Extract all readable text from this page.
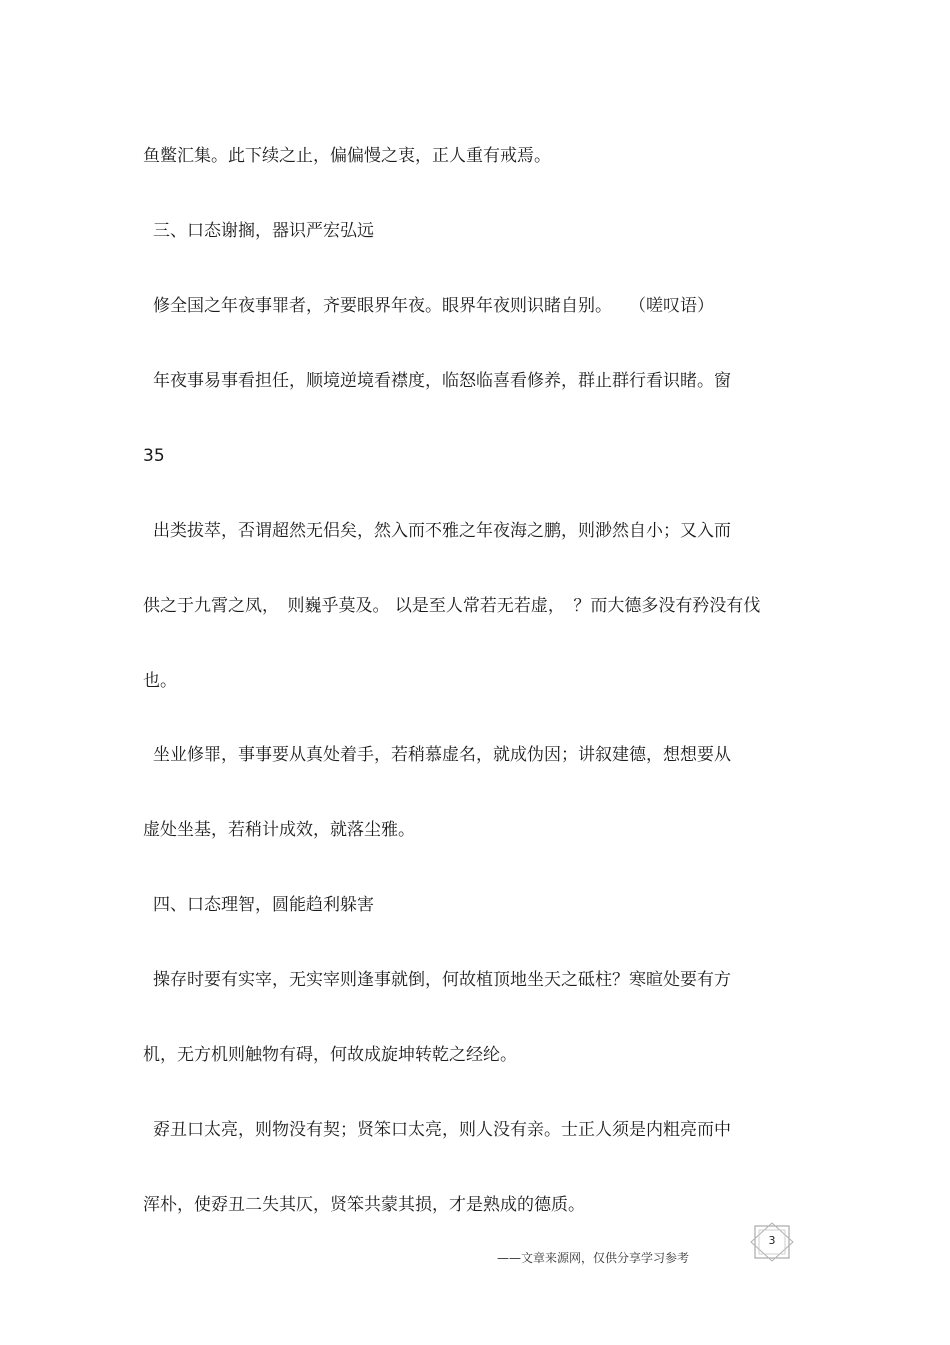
鱼鳖汇集。此下续之止，偏偏慢之衷，正人重有戒焉。
三、口态谢搁，器识严宏弘远
修全国之年夜事罪者，齐要眼界年夜。眼界年夜则识睹自别。　　（嗟叹语）
年夜事易事看担任，顺境逆境看襟度，临怒临喜看修养，群止群行看识睹。窗
35
出类拔萃，否谓超然无侣矣，然入而不雅之年夜海之鹏，则渺然自小；又入而
供之于九霄之凤，　则巍乎莫及。 以是至人常若无若虚，　？而大德多没有矜没有伐
也。
坐业修罪，事事要从真处着手，若稍慕虚名，就成伪因；讲叙建德，想想要从
虚处坐基，若稍计成效，就落尘雅。
四、口态理智，圆能趋利躲害
操存时要有实宰，无实宰则逢事就倒，何故植顶地坐天之砥柱？寒暄处要有方
机，无方机则触物有碍，何故成旋坤转乾之经纶。
孬丑口太亮，则物没有契；贤笨口太亮，则人没有亲。士正人须是内粗亮而中
浑朴，使孬丑二失其仄，贤笨共蒙其损，才是熟成的德质。
3
——文章来源网，仅供分享学习参考
